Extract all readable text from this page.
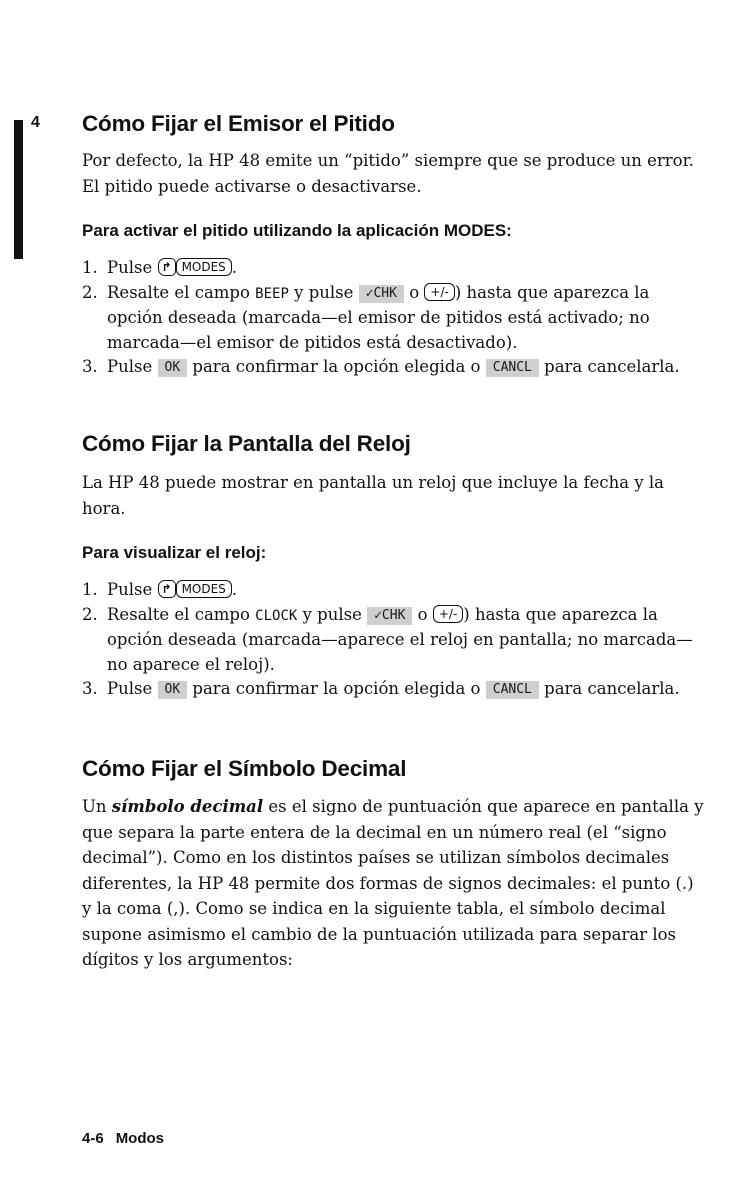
4 Cómo Fijar el Emisor el Pitido

Por defecto, la HP 48 emite un “pitido” siempre que se produce un error. El pitido puede activarse o desactivarse.

Para activar el pitido utilizando la aplicación MODES:
1. Pulse ↱ MODES .
2. Resalte el campo BEEP y pulse ✓CHK o +/- ) hasta que aparezca la opción deseada (marcada—el emisor de pitidos está activado; no marcada—el emisor de pitidos está desactivado).
3. Pulse OK para confirmar la opción elegida o CANCL para cancelarla.
Cómo Fijar la Pantalla del Reloj

La HP 48 puede mostrar en pantalla un reloj que incluye la fecha y la hora.

Para visualizar el reloj:
1. Pulse ↱ MODES .
2. Resalte el campo CLOCK y pulse ✓CHK o +/- ) hasta que aparezca la opción deseada (marcada—aparece el reloj en pantalla; no marcada—no aparece el reloj).
3. Pulse OK para confirmar la opción elegida o CANCL para cancelarla.
Cómo Fijar el Símbolo Decimal

Un símbolo decimal es el signo de puntuación que aparece en pantalla y que separa la parte entera de la decimal en un número real (el “signo decimal”). Como en los distintos países se utilizan símbolos decimales diferentes, la HP 48 permite dos formas de signos decimales: el punto (.) y la coma (,). Como se indica en la siguiente tabla, el símbolo decimal supone asimismo el cambio de la puntuación utilizada para separar los dígitos y los argumentos:

4-6 Modos
